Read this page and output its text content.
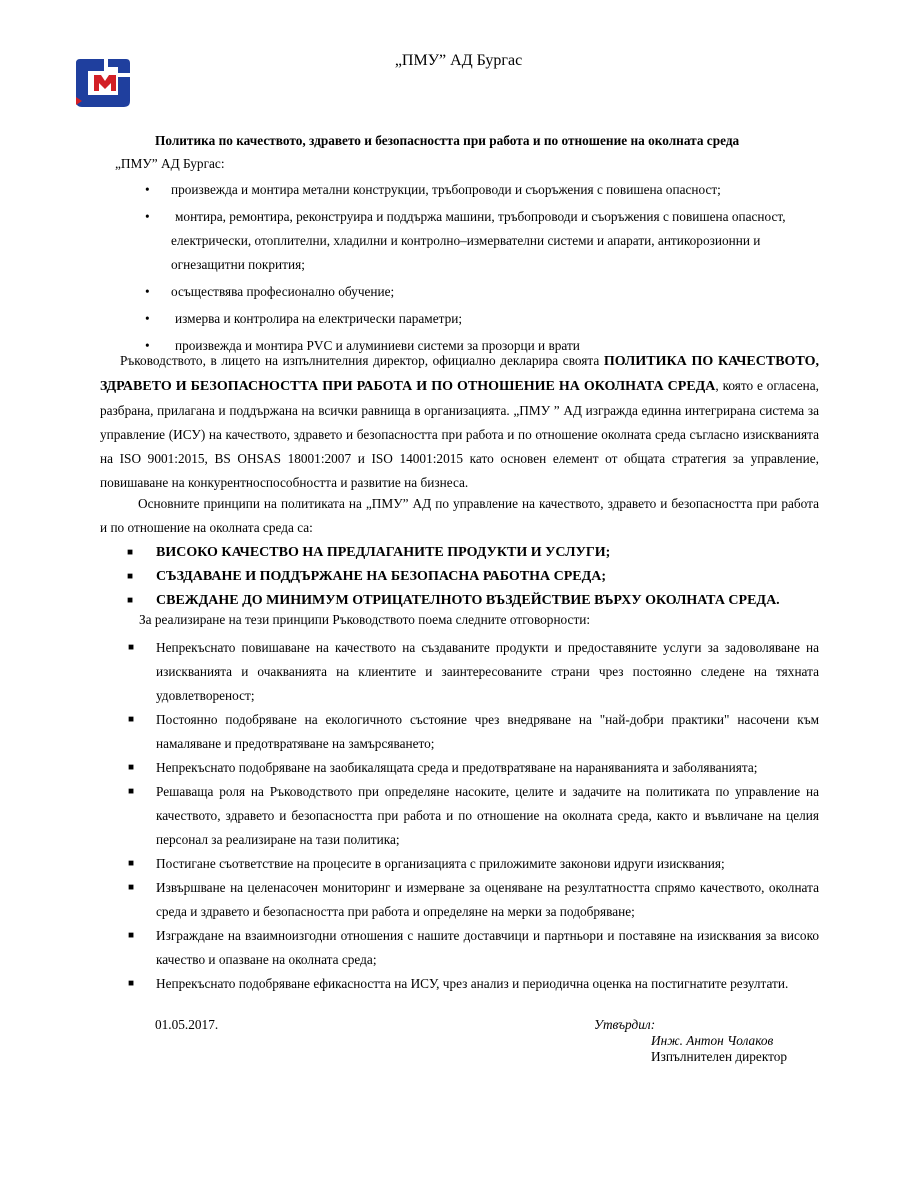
„ПМУ” АД Бургас
Политика по качеството, здравето и безопасността при работа и по отношение на околната среда
„ПМУ” АД Бургас:
• произвежда и монтира метални конструкции, тръбопроводи и съоръжения с повишена опасност;
• монтира, ремонтира, реконструира и поддържа машини, тръбопроводи и съоръжения с повишена опасност, електрически, отоплителни, хладилни и контролно–измервателни системи и апарати, антикорозионни и огнезащитни покрития;
• осъществява професионално обучение;
• измерва и контролира на електрически параметри;
• произвежда и монтира PVC и алуминиеви системи за прозорци и врати
Ръководството, в лицето на изпълнителния директор, официално декларира своята ПОЛИТИКА ПО КАЧЕСТВОТО, ЗДРАВЕТО И БЕЗОПАСНОСТТА ПРИ РАБОТА И ПО ОТНОШЕНИЕ НА ОКОЛНАТА СРЕДА, която е огласена, разбрана, прилагана и поддържана на всички равнища в организацията. „ПМУ ” АД изгражда единна интегрирана система за управление (ИСУ) на качеството, здравето и безопасността при работа и по отношение околната среда съгласно изискванията на ISO 9001:2015, BS OHSAS 18001:2007 и ISO 14001:2015 като основен елемент от общата стратегия за управление, повишаване на конкурентноспособността и развитие на бизнеса.
Основните принципи на политиката на „ПМУ” АД по управление на качеството, здравето и безопасността при работа и по отношение на околната среда са:
■ ВИСОКО КАЧЕСТВО НА ПРЕДЛАГАНИТЕ ПРОДУКТИ И УСЛУГИ;
■ СЪЗДАВАНЕ И ПОДДЪРЖАНЕ НА БЕЗОПАСНА РАБОТНА СРЕДА;
■ СВЕЖДАНЕ ДО МИНИМУМ ОТРИЦАТЕЛНОТО ВЪЗДЕЙСТВИЕ ВЪРХУ ОКОЛНАТА СРЕДА.
За реализиране на тези принципи Ръководството поема следните отговорности:
■ Непрекъснато повишаване на качеството на създаваните продукти и предоставяните услуги за задоволяване на изискванията и очакванията на клиентите и заинтересованите страни чрез постоянно следене на тяхната удовлетвореност;
■ Постоянно подобряване на екологичното състояние чрез внедряване на "най-добри практики" насочени към намаляване и предотвратяване на замърсяването;
■ Непрекъснато подобряване на заобикалящата среда и предотвратяване на нараняванията и заболяванията;
■ Решаваща роля на Ръководството при определяне насоките, целите и задачите на политиката по управление на качеството, здравето и безопасността при работа и по отношение на околната среда, както и въвличане на целия персонал за реализиране на тази политика;
■ Постигане съответствие на процесите в организацията с приложимите законови идруги изисквания;
■ Извършване на целенасочен мониторинг и измерване за оценяване на резултатността спрямо качеството, околната среда и здравето и безопасността при работа и определяне на мерки за подобряване;
■ Изграждане на взаимноизгодни отношения с нашите доставчици и партньори и поставяне на изисквания за високо качество и опазване на околната среда;
■ Непрекъснато подобряване ефикасността на ИСУ, чрез анализ и периодична оценка на постигнатите резултати.
01.05.2017.	Утвърдил:
Инж. Антон Чолаков
Изпълнителен директор
